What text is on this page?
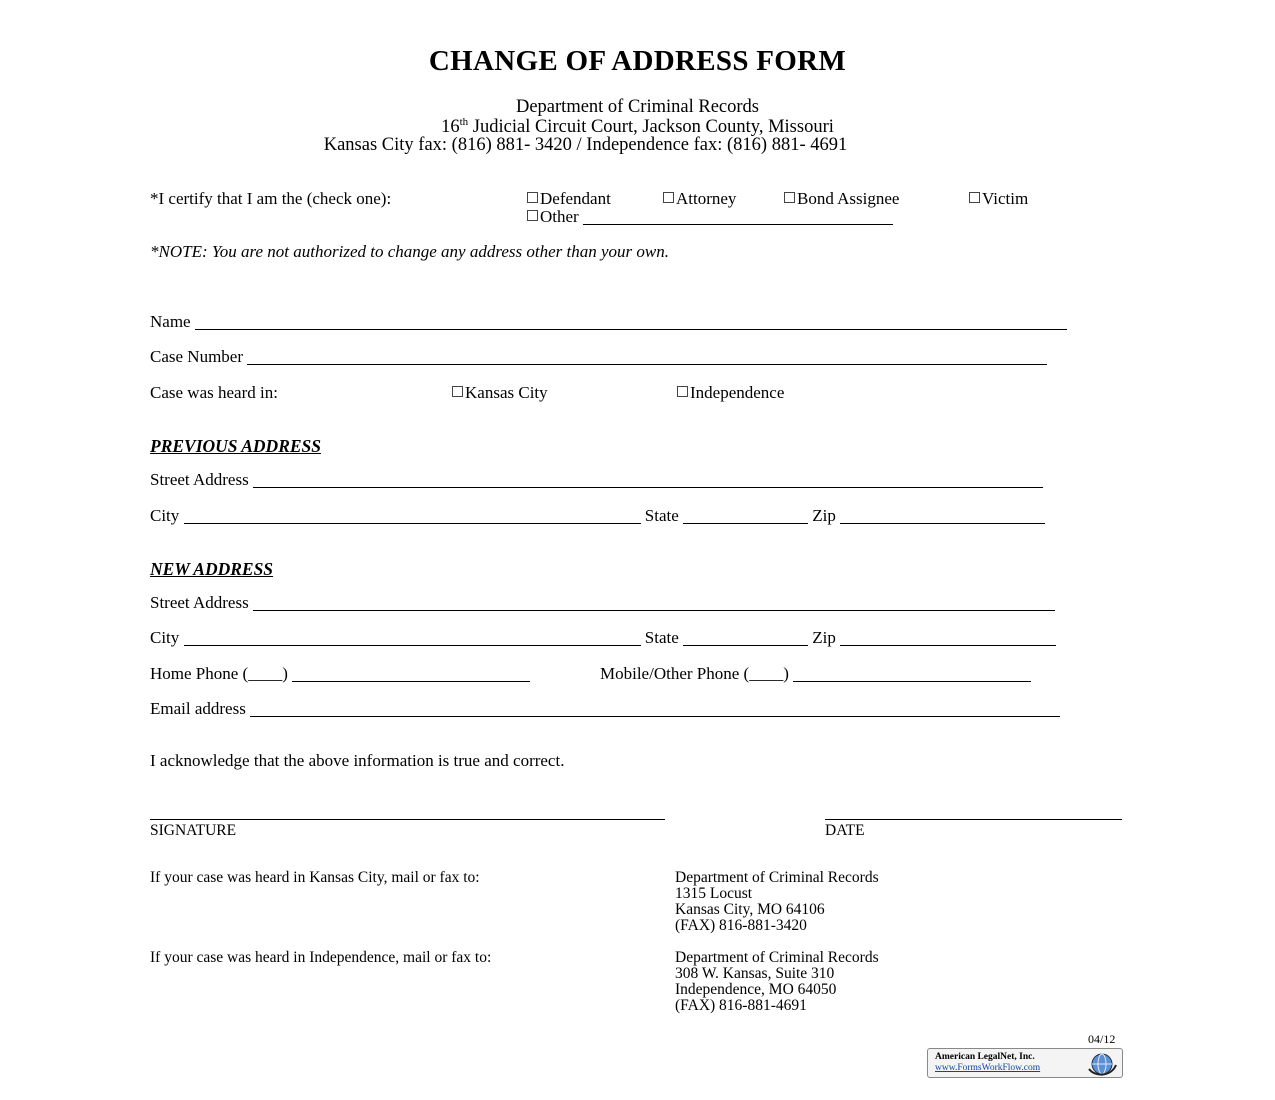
CHANGE OF ADDRESS FORM
Department of Criminal Records
16th Judicial Circuit Court, Jackson County, Missouri
Kansas City fax: (816) 881- 3420 / Independence fax: (816) 881- 4691
*I certify that I am the (check one):	Defendant	Attorney	Bond Assignee	Victim
Other
*NOTE: You are not authorized to change any address other than your own.
Name
Case Number
Case was heard in:	Kansas City	Independence
PREVIOUS ADDRESS
Street Address
City	State	Zip
NEW ADDRESS
Street Address
City	State	Zip
Home Phone (____)	Mobile/Other Phone (____)
Email address
I acknowledge that the above information is true and correct.
SIGNATURE	DATE
If your case was heard in Kansas City, mail or fax to:	Department of Criminal Records
1315 Locust
Kansas City, MO 64106
(FAX) 816-881-3420
If your case was heard in Independence, mail or fax to:	Department of Criminal Records
308 W. Kansas, Suite 310
Independence, MO 64050
(FAX) 816-881-4691
04/12
American LegalNet, Inc.
www.FormsWorkFlow.com
